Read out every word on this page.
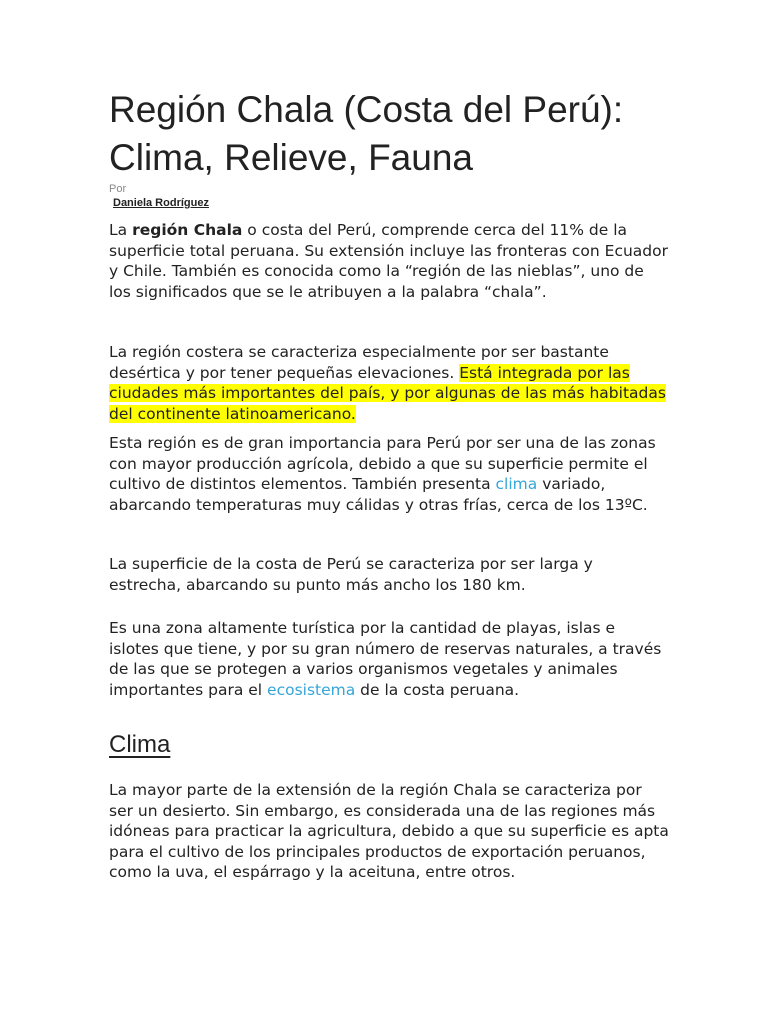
Región Chala (Costa del Perú): Clima, Relieve, Fauna

Por

Daniela Rodríguez

La región Chala o costa del Perú, comprende cerca del 11% de la superficie total peruana. Su extensión incluye las fronteras con Ecuador y Chile. También es conocida como la “región de las nieblas”, uno de los significados que se le atribuyen a la palabra “chala”.

La región costera se caracteriza especialmente por ser bastante desértica y por tener pequeñas elevaciones. Está integrada por las ciudades más importantes del país, y por algunas de las más habitadas del continente latinoamericano.

Esta región es de gran importancia para Perú por ser una de las zonas con mayor producción agrícola, debido a que su superficie permite el cultivo de distintos elementos. También presenta clima variado, abarcando temperaturas muy cálidas y otras frías, cerca de los 13ºC.

La superficie de la costa de Perú se caracteriza por ser larga y estrecha, abarcando su punto más ancho los 180 km.

Es una zona altamente turística por la cantidad de playas, islas e islotes que tiene, y por su gran número de reservas naturales, a través de las que se protegen a varios organismos vegetales y animales importantes para el ecosistema de la costa peruana.

Clima

La mayor parte de la extensión de la región Chala se caracteriza por ser un desierto. Sin embargo, es considerada una de las regiones más idóneas para practicar la agricultura, debido a que su superficie es apta para el cultivo de los principales productos de exportación peruanos, como la uva, el espárrago y la aceituna, entre otros.
